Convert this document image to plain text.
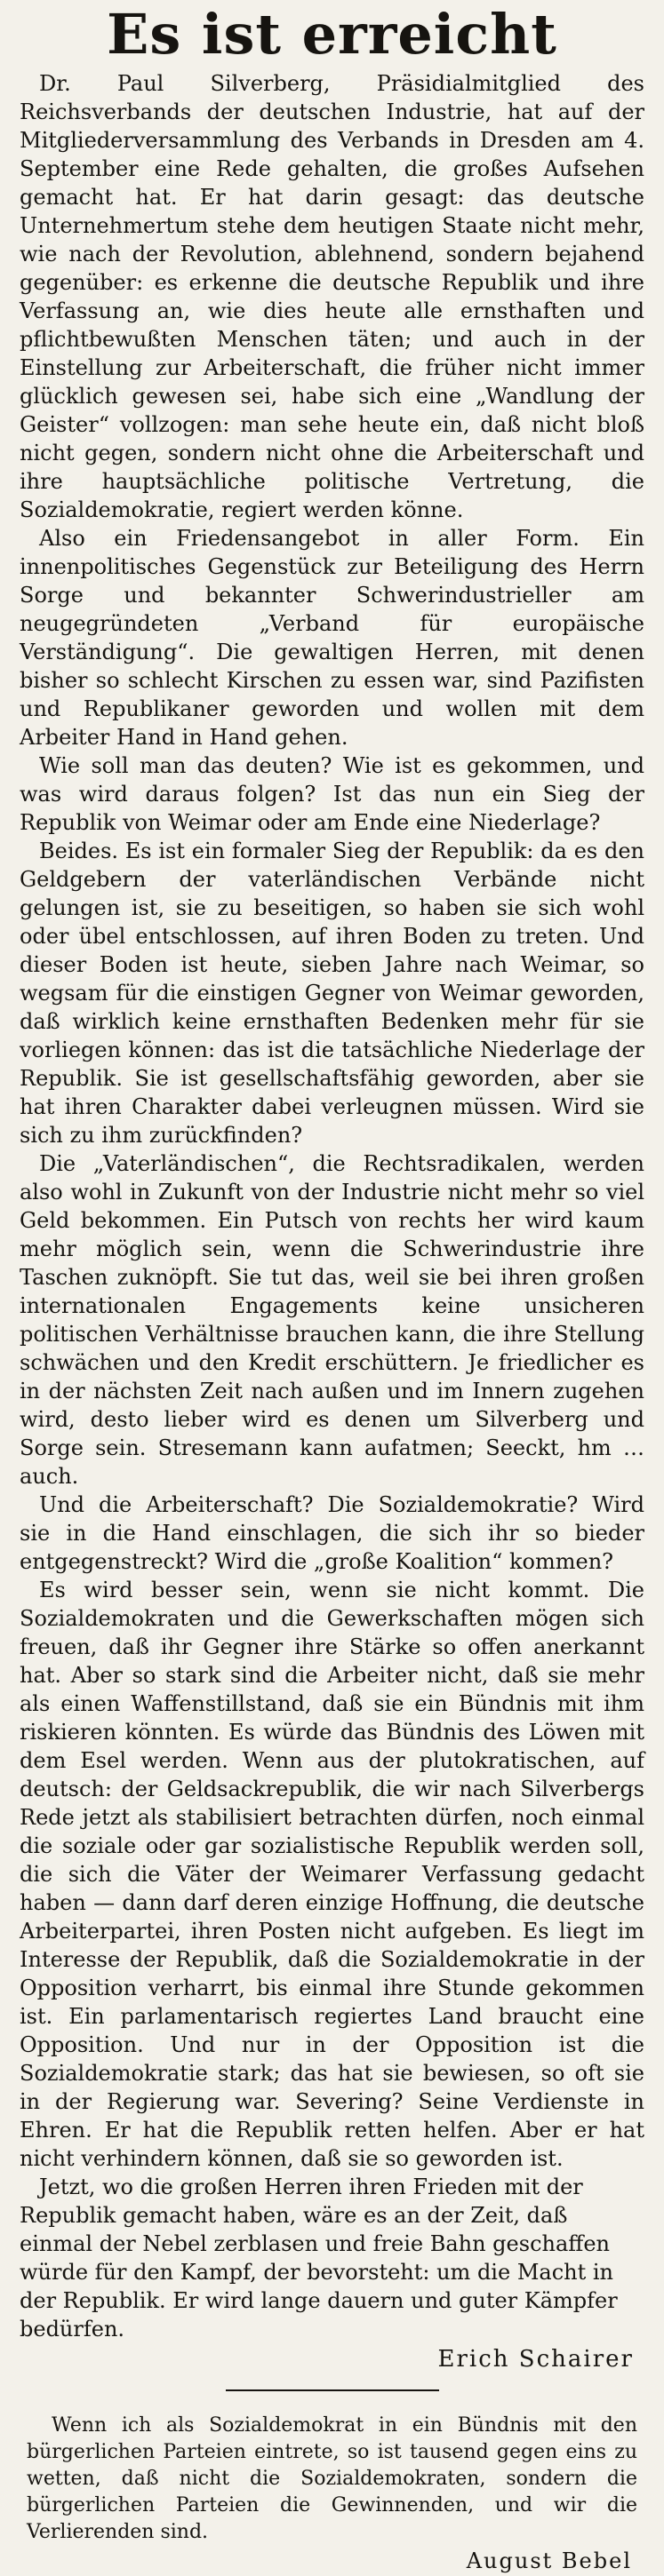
Es ist erreicht

Dr. Paul Silverberg, Präsidialmitglied des Reichsverbands der deutschen Industrie, hat auf der Mitgliederversammlung des Verbands in Dresden am 4. September eine Rede gehalten, die großes Aufsehen gemacht hat. Er hat darin gesagt: das deutsche Unternehmertum stehe dem heutigen Staate nicht mehr, wie nach der Revolution, ablehnend, sondern bejahend gegenüber: es erkenne die deutsche Republik und ihre Verfassung an, wie dies heute alle ernsthaften und pflichtbewußten Menschen täten; und auch in der Einstellung zur Arbeiterschaft, die früher nicht immer glücklich gewesen sei, habe sich eine „Wandlung der Geister“ vollzogen: man sehe heute ein, daß nicht bloß nicht gegen, sondern nicht ohne die Arbeiterschaft und ihre hauptsächliche politische Vertretung, die Sozialdemokratie, regiert werden könne.

Also ein Friedensangebot in aller Form. Ein innenpolitisches Gegenstück zur Beteiligung des Herrn Sorge und bekannter Schwerindustrieller am neugegründeten „Verband für europäische Verständigung“. Die gewaltigen Herren, mit denen bisher so schlecht Kirschen zu essen war, sind Pazifisten und Republikaner geworden und wollen mit dem Arbeiter Hand in Hand gehen.

Wie soll man das deuten? Wie ist es gekommen, und was wird daraus folgen? Ist das nun ein Sieg der Republik von Weimar oder am Ende eine Niederlage?

Beides. Es ist ein formaler Sieg der Republik: da es den Geldgebern der vaterländischen Verbände nicht gelungen ist, sie zu beseitigen, so haben sie sich wohl oder übel entschlossen, auf ihren Boden zu treten. Und dieser Boden ist heute, sieben Jahre nach Weimar, so wegsam für die einstigen Gegner von Weimar geworden, daß wirklich keine ernsthaften Bedenken mehr für sie vorliegen können: das ist die tatsächliche Niederlage der Republik. Sie ist gesellschaftsfähig geworden, aber sie hat ihren Charakter dabei verleugnen müssen. Wird sie sich zu ihm zurückfinden?

Die „Vaterländischen“, die Rechtsradikalen, werden also wohl in Zukunft von der Industrie nicht mehr so viel Geld bekommen. Ein Putsch von rechts her wird kaum mehr möglich sein, wenn die Schwerindustrie ihre Taschen zuknöpft. Sie tut das, weil sie bei ihren großen internationalen Engagements keine unsicheren politischen Verhältnisse brauchen kann, die ihre Stellung schwächen und den Kredit erschüttern. Je friedlicher es in der nächsten Zeit nach außen und im Innern zugehen wird, desto lieber wird es denen um Silverberg und Sorge sein. Stresemann kann aufatmen; Seeckt, hm … auch.

Und die Arbeiterschaft? Die Sozialdemokratie? Wird sie in die Hand einschlagen, die sich ihr so bieder entgegenstreckt? Wird die „große Koalition“ kommen?

Es wird besser sein, wenn sie nicht kommt. Die Sozialdemokraten und die Gewerkschaften mögen sich freuen, daß ihr Gegner ihre Stärke so offen anerkannt hat. Aber so stark sind die Arbeiter nicht, daß sie mehr als einen Waffenstillstand, daß sie ein Bündnis mit ihm riskieren könnten. Es würde das Bündnis des Löwen mit dem Esel werden. Wenn aus der plutokratischen, auf deutsch: der Geldsackrepublik, die wir nach Silverbergs Rede jetzt als stabilisiert betrachten dürfen, noch einmal die soziale oder gar sozialistische Republik werden soll, die sich die Väter der Weimarer Verfassung gedacht haben — dann darf deren einzige Hoffnung, die deutsche Arbeiterpartei, ihren Posten nicht aufgeben. Es liegt im Interesse der Republik, daß die Sozialdemokratie in der Opposition verharrt, bis einmal ihre Stunde gekommen ist. Ein parlamentarisch regiertes Land braucht eine Opposition. Und nur in der Opposition ist die Sozialdemokratie stark; das hat sie bewiesen, so oft sie in der Regierung war. Severing? Seine Verdienste in Ehren. Er hat die Republik retten helfen. Aber er hat nicht verhindern können, daß sie so geworden ist.

Jetzt, wo die großen Herren ihren Frieden mit der Republik gemacht haben, wäre es an der Zeit, daß einmal der Nebel zerblasen und freie Bahn geschaffen würde für den Kampf, der bevorsteht: um die Macht in der Republik. Er wird lange dauern und guter Kämpfer bedürfen.

Erich Schairer

Wenn ich als Sozialdemokrat in ein Bündnis mit den bürgerlichen Parteien eintrete, so ist tausend gegen eins zu wetten, daß nicht die Sozialdemokraten, sondern die bürgerlichen Parteien die Gewinnenden, und wir die Verlierenden sind.

August Bebel
